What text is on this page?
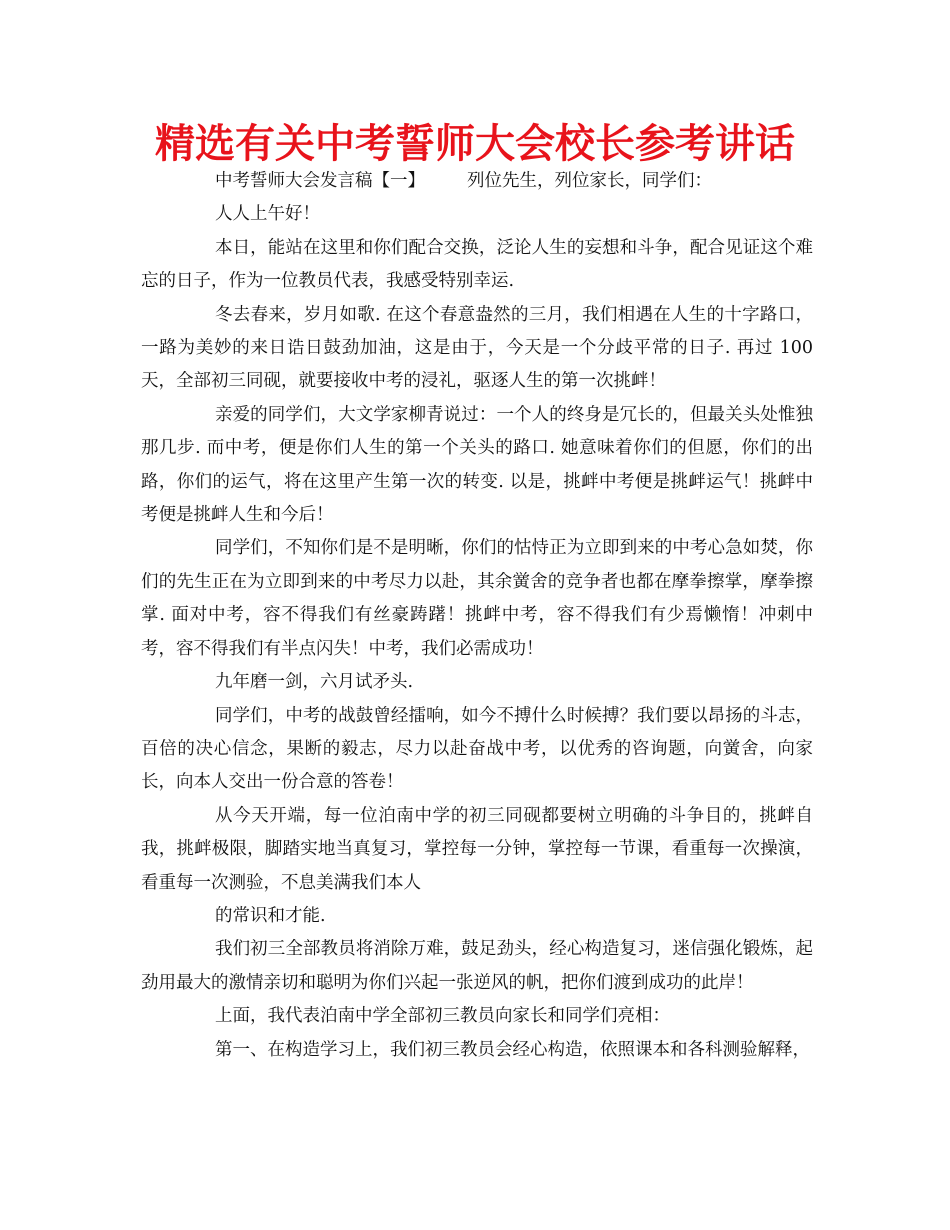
精选有关中考誓师大会校长参考讲话

中考誓师大会发言稿【一】 列位先生，列位家长，同学们：

人人上午好！

本日，能站在这里和你们配合交换，泛论人生的妄想和斗争，配合见证这个难忘的日子，作为一位教员代表，我感受特别幸运.

冬去春来，岁月如歌. 在这个春意盎然的三月，我们相遇在人生的十字路口，一路为美妙的来日诰日鼓劲加油，这是由于，今天是一个分歧平常的日子. 再过 100 天，全部初三同砚，就要接收中考的浸礼，驱逐人生的第一次挑衅！

亲爱的同学们，大文学家柳青说过：一个人的终身是冗长的，但最关头处惟独那几步. 而中考，便是你们人生的第一个关头的路口. 她意味着你们的但愿，你们的出路，你们的运气，将在这里产生第一次的转变. 以是，挑衅中考便是挑衅运气！挑衅中考便是挑衅人生和今后！

同学们，不知你们是不是明晰，你们的怙恃正为立即到来的中考心急如焚，你们的先生正在为立即到来的中考尽力以赴，其余黉舍的竞争者也都在摩拳擦掌，摩拳擦掌. 面对中考，容不得我们有丝豪踌躇！挑衅中考，容不得我们有少焉懒惰！冲刺中考，容不得我们有半点闪失！中考，我们必需成功！

九年磨一剑，六月试矛头.

同学们，中考的战鼓曾经擂响，如今不搏什么时候搏？我们要以昂扬的斗志，百倍的决心信念，果断的毅志，尽力以赴奋战中考，以优秀的咨询题，向黉舍，向家长，向本人交出一份合意的答卷！

从今天开端，每一位泊南中学的初三同砚都要树立明确的斗争目的，挑衅自我，挑衅极限，脚踏实地当真复习，掌控每一分钟，掌控每一节课，看重每一次操演，看重每一次测验，不息美满我们本人

的常识和才能.

我们初三全部教员将消除万难，鼓足劲头，经心构造复习，迷信强化锻炼，起劲用最大的激情亲切和聪明为你们兴起一张逆风的帆，把你们渡到成功的此岸！

上面，我代表泊南中学全部初三教员向家长和同学们亮相：

第一、在构造学习上，我们初三教员会经心构造，依照课本和各科测验解释，
